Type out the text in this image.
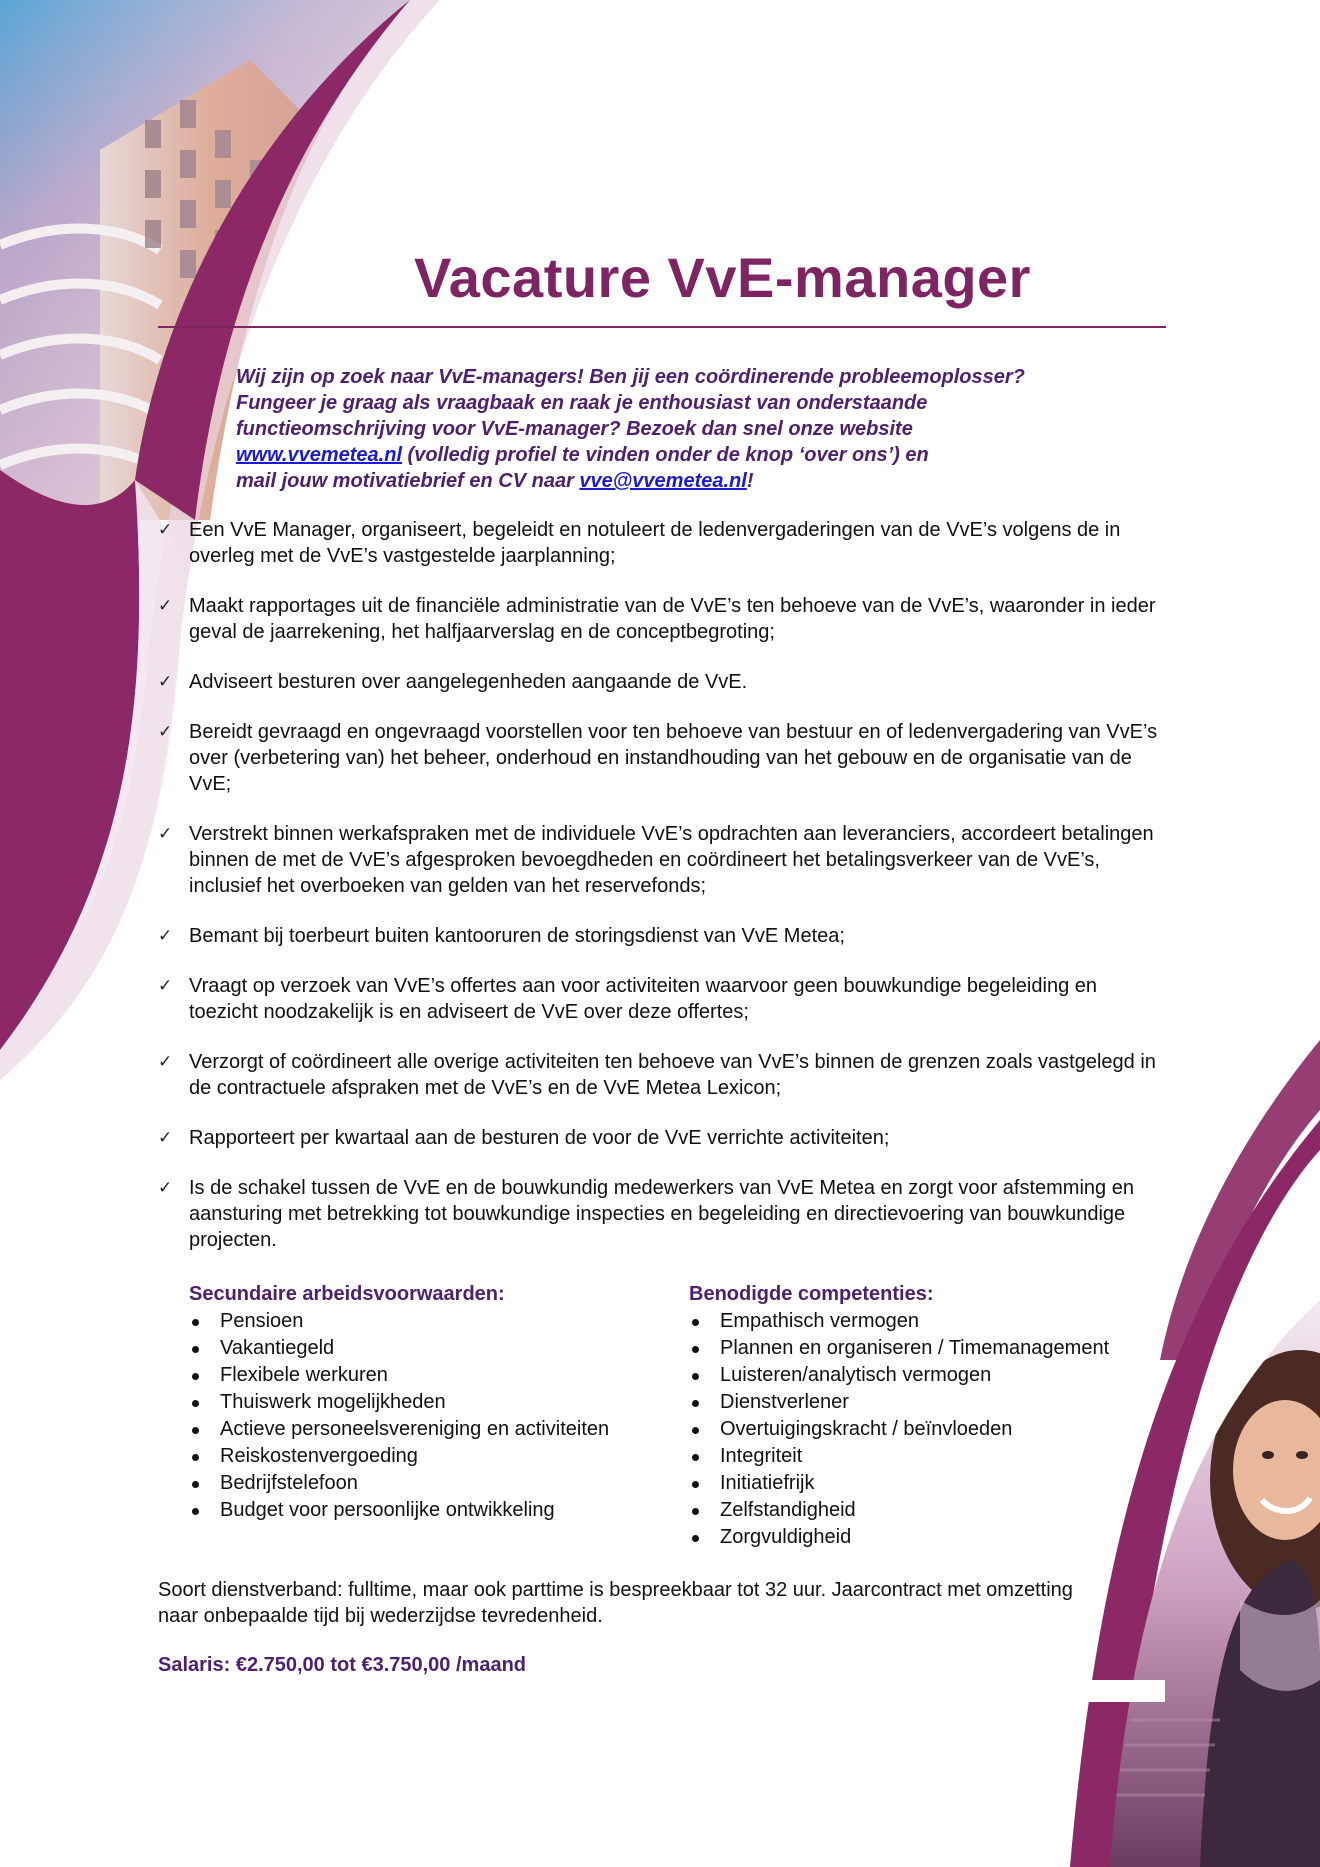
Vacature VvE-manager

Wij zijn op zoek naar VvE-managers! Ben jij een coördinerende probleemoplosser?
Fungeer je graag als vraagbaak en raak je enthousiast van onderstaande
functieomschrijving voor VvE-manager? Bezoek dan snel onze website
www.vvemetea.nl (volledig profiel te vinden onder de knop ‘over ons’) en
mail jouw motivatiebrief en CV naar vve@vvemetea.nl!

✓ Een VvE Manager, organiseert, begeleidt en notuleert de ledenvergaderingen van de VvE’s volgens de in overleg met de VvE’s vastgestelde jaarplanning;
✓ Maakt rapportages uit de financiële administratie van de VvE’s ten behoeve van de VvE’s, waaronder in ieder geval de jaarrekening, het halfjaarverslag en de conceptbegroting;
✓ Adviseert besturen over aangelegenheden aangaande de VvE.
✓ Bereidt gevraagd en ongevraagd voorstellen voor ten behoeve van bestuur en of ledenvergadering van VvE’s over (verbetering van) het beheer, onderhoud en instandhouding van het gebouw en de organisatie van de VvE;
✓ Verstrekt binnen werkafspraken met de individuele VvE’s opdrachten aan leveranciers, accordeert betalingen binnen de met de VvE’s afgesproken bevoegdheden en coördineert het betalingsverkeer van de VvE’s, inclusief het overboeken van gelden van het reservefonds;
✓ Bemant bij toerbeurt buiten kantooruren de storingsdienst van VvE Metea;
✓ Vraagt op verzoek van VvE’s offertes aan voor activiteiten waarvoor geen bouwkundige begeleiding en toezicht noodzakelijk is en adviseert de VvE over deze offertes;
✓ Verzorgt of coördineert alle overige activiteiten ten behoeve van VvE’s binnen de grenzen zoals vastgelegd in de contractuele afspraken met de VvE’s en de VvE Metea Lexicon;
✓ Rapporteert per kwartaal aan de besturen de voor de VvE verrichte activiteiten;
✓ Is de schakel tussen de VvE en de bouwkundig medewerkers van VvE Metea en zorgt voor afstemming en aansturing met betrekking tot bouwkundige inspecties en begeleiding en directievoering van bouwkundige projecten.
Secundaire arbeidsvoorwaarden:
Pensioen
Vakantiegeld
Flexibele werkuren
Thuiswerk mogelijkheden
Actieve personeelsvereniging en activiteiten
Reiskostenvergoeding
Bedrijfstelefoon
Budget voor persoonlijke ontwikkeling
Benodigde competenties:
Empathisch vermogen
Plannen en organiseren / Timemanagement
Luisteren/analytisch vermogen
Dienstverlener
Overtuigingskracht / beïnvloeden
Integriteit
Initiatiefrijk
Zelfstandigheid
Zorgvuldigheid

Soort dienstverband: fulltime, maar ook parttime is bespreekbaar tot 32 uur. Jaarcontract met omzetting naar onbepaalde tijd bij wederzijdse tevredenheid.

Salaris: €2.750,00 tot €3.750,00 /maand
